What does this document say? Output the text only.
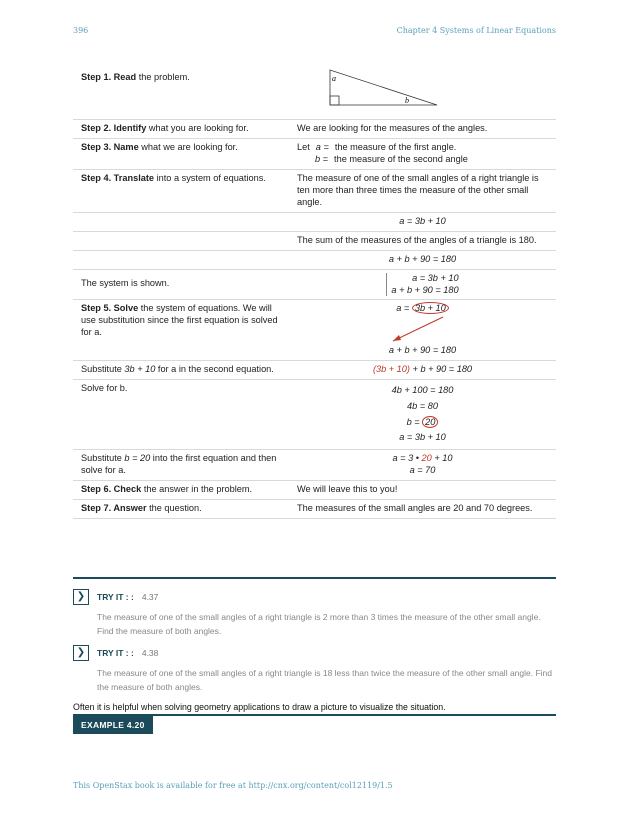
396	Chapter 4 Systems of Linear Equations
Step 1. Read the problem.	a
b

Step 2. Identify what you are looking for.	We are looking for the measures of the angles.
Step 3. Name what we are looking for.	Let a = the measure of the first angle.
b = the measure of the second angle

Step 4. Translate into a system of equations.	The measure of one of the small angles of a right triangle is ten more than three times the measure of the other small angle.
	a = 3b + 10
	The sum of the measures of the angles of a triangle is 180.
	a + b + 90 = 180
The system is shown.	a = 3b + 10
a + b + 90 = 180

Step 5. Solve the system of equations. We will use substitution since the first equation is solved for a.	a = 3b + 10
a + b + 90 = 180

Substitute 3b + 10 for a in the second equation.	(3b + 10) + b + 90 = 180
Solve for b.	4b + 100 = 180
4b = 80
b = 20
a = 3b + 10

Substitute b = 20 into the first equation and then solve for a.	a = 3 • 20 + 10
a = 70

Step 6. Check the answer in the problem.	We will leave this to you!
Step 7. Answer the question.	The measures of the small angles are 20 and 70 degrees.
❯	TRY IT : : 4.37
The measure of one of the small angles of a right triangle is 2 more than 3 times the measure of the other small angle. Find the measure of both angles.
❯	TRY IT : : 4.38
The measure of one of the small angles of a right triangle is 18 less than twice the measure of the other small angle. Find the measure of both angles.
Often it is helpful when solving geometry applications to draw a picture to visualize the situation.
EXAMPLE 4.20
This OpenStax book is available for free at http://cnx.org/content/col12119/1.5
